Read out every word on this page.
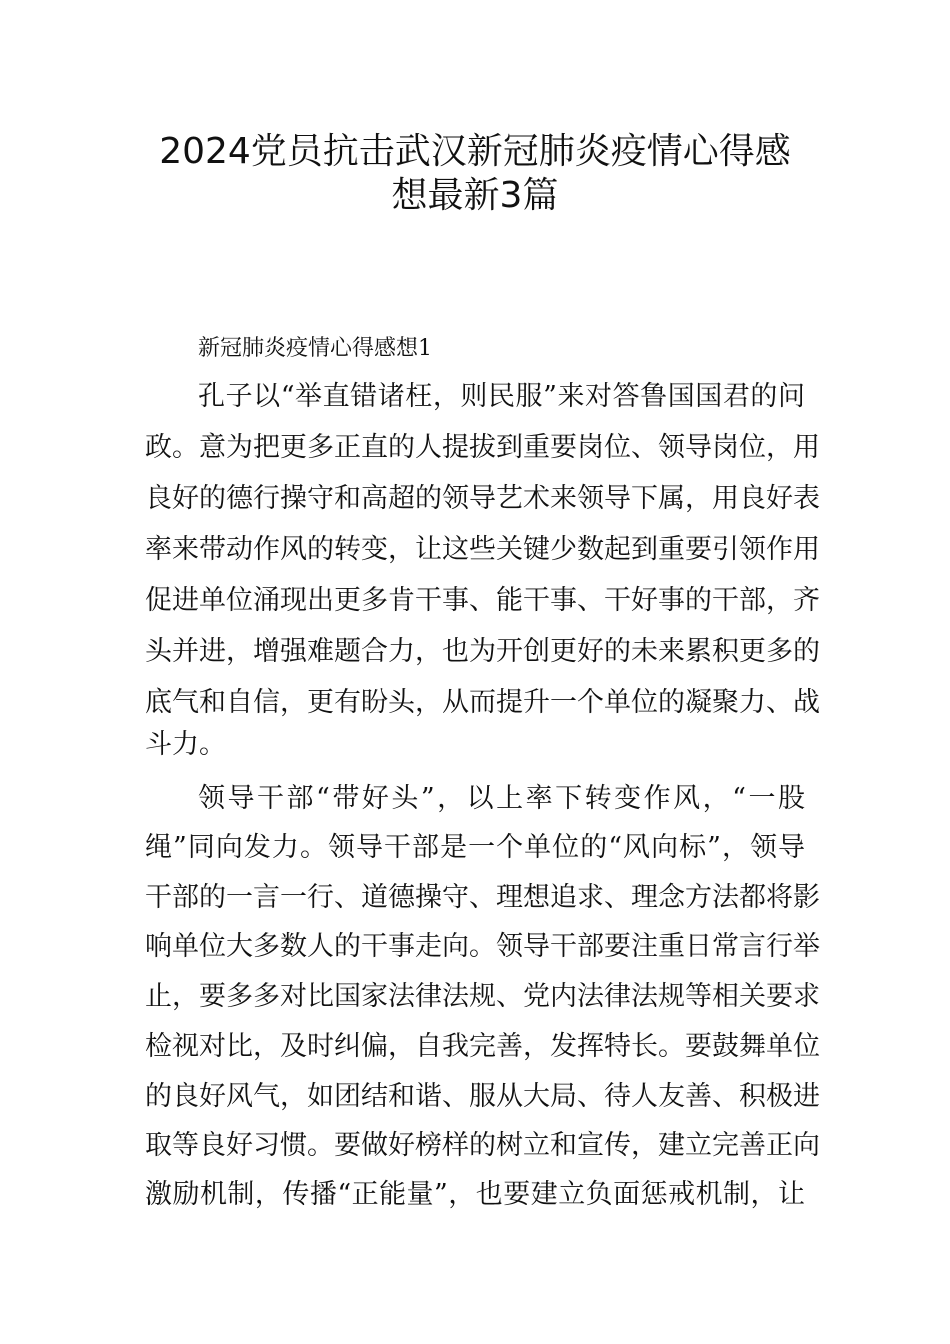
2024党员抗击武汉新冠肺炎疫情心得感
想最新3篇
新冠肺炎疫情心得感想1
孔子以“举直错诸枉，则民服”来对答鲁国国君的问
政。意为把更多正直的人提拔到重要岗位、领导岗位，用
良好的德行操守和高超的领导艺术来领导下属，用良好表
率来带动作风的转变，让这些关键少数起到重要引领作用
促进单位涌现出更多肯干事、能干事、干好事的干部，齐
头并进，增强难题合力，也为开创更好的未来累积更多的
底气和自信，更有盼头，从而提升一个单位的凝聚力、战
斗力。
领导干部“带好头”，以上率下转变作风，“一股
绳”同向发力。领导干部是一个单位的“风向标”，领导
干部的一言一行、道德操守、理想追求、理念方法都将影
响单位大多数人的干事走向。领导干部要注重日常言行举
止，要多多对比国家法律法规、党内法律法规等相关要求
检视对比，及时纠偏，自我完善，发挥特长。要鼓舞单位
的良好风气，如团结和谐、服从大局、待人友善、积极进
取等良好习惯。要做好榜样的树立和宣传，建立完善正向
激励机制，传播“正能量”，也要建立负面惩戒机制，让
